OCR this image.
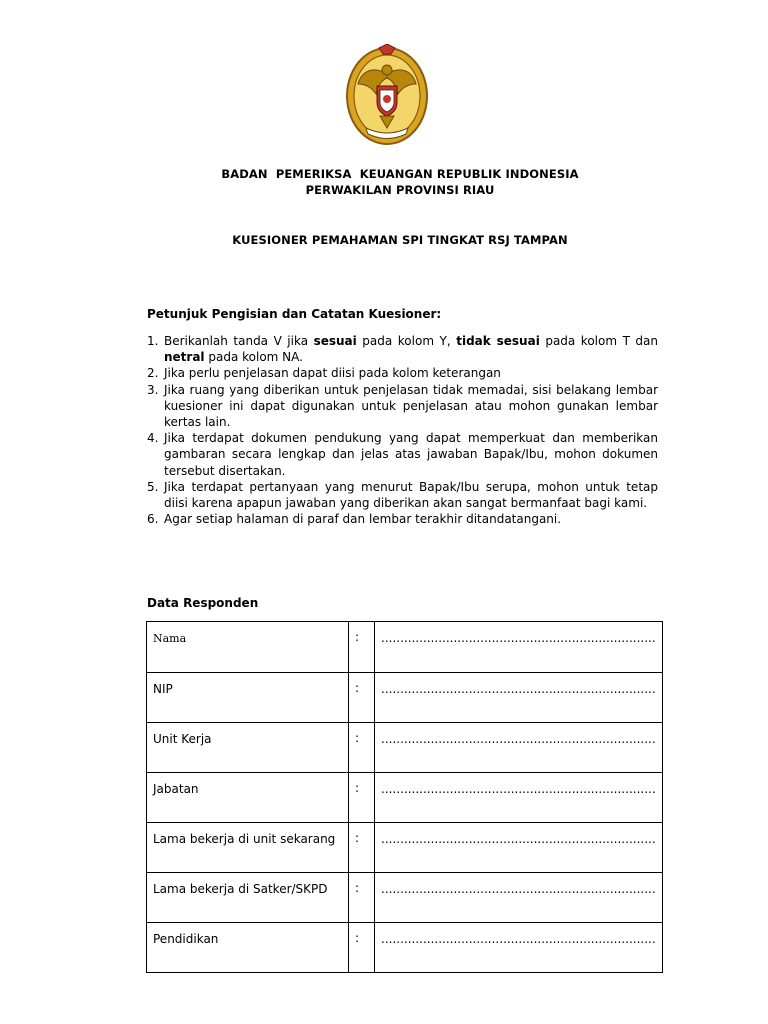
BADAN  PEMERIKSA  KEUANGAN REPUBLIK INDONESIA
PERWAKILAN PROVINSI RIAU
KUESIONER PEMAHAMAN SPI TINGKAT RSJ TAMPAN
Petunjuk Pengisian dan Catatan Kuesioner:
1. Berikanlah tanda V jika sesuai pada kolom Y, tidak sesuai pada kolom T dan netral pada kolom NA.
2. Jika perlu penjelasan dapat diisi pada kolom keterangan
3. Jika ruang yang diberikan untuk penjelasan tidak memadai, sisi belakang lembar kuesioner ini dapat digunakan untuk penjelasan atau mohon gunakan lembar kertas lain.
4. Jika terdapat dokumen pendukung yang dapat memperkuat dan memberikan gambaran secara lengkap dan jelas atas jawaban Bapak/Ibu, mohon dokumen tersebut disertakan.
5. Jika terdapat pertanyaan yang menurut Bapak/Ibu serupa, mohon untuk tetap diisi karena apapun jawaban yang diberikan akan sangat bermanfaat bagi kami.
6. Agar setiap halaman di paraf dan lembar terakhir ditandatangani.
Data Responden
Nama	:	........................................................................
NIP	:	........................................................................
Unit Kerja	:	........................................................................
Jabatan	:	........................................................................
Lama bekerja di unit sekarang	:	........................................................................
Lama bekerja di Satker/SKPD	:	........................................................................
Pendidikan	:	........................................................................
